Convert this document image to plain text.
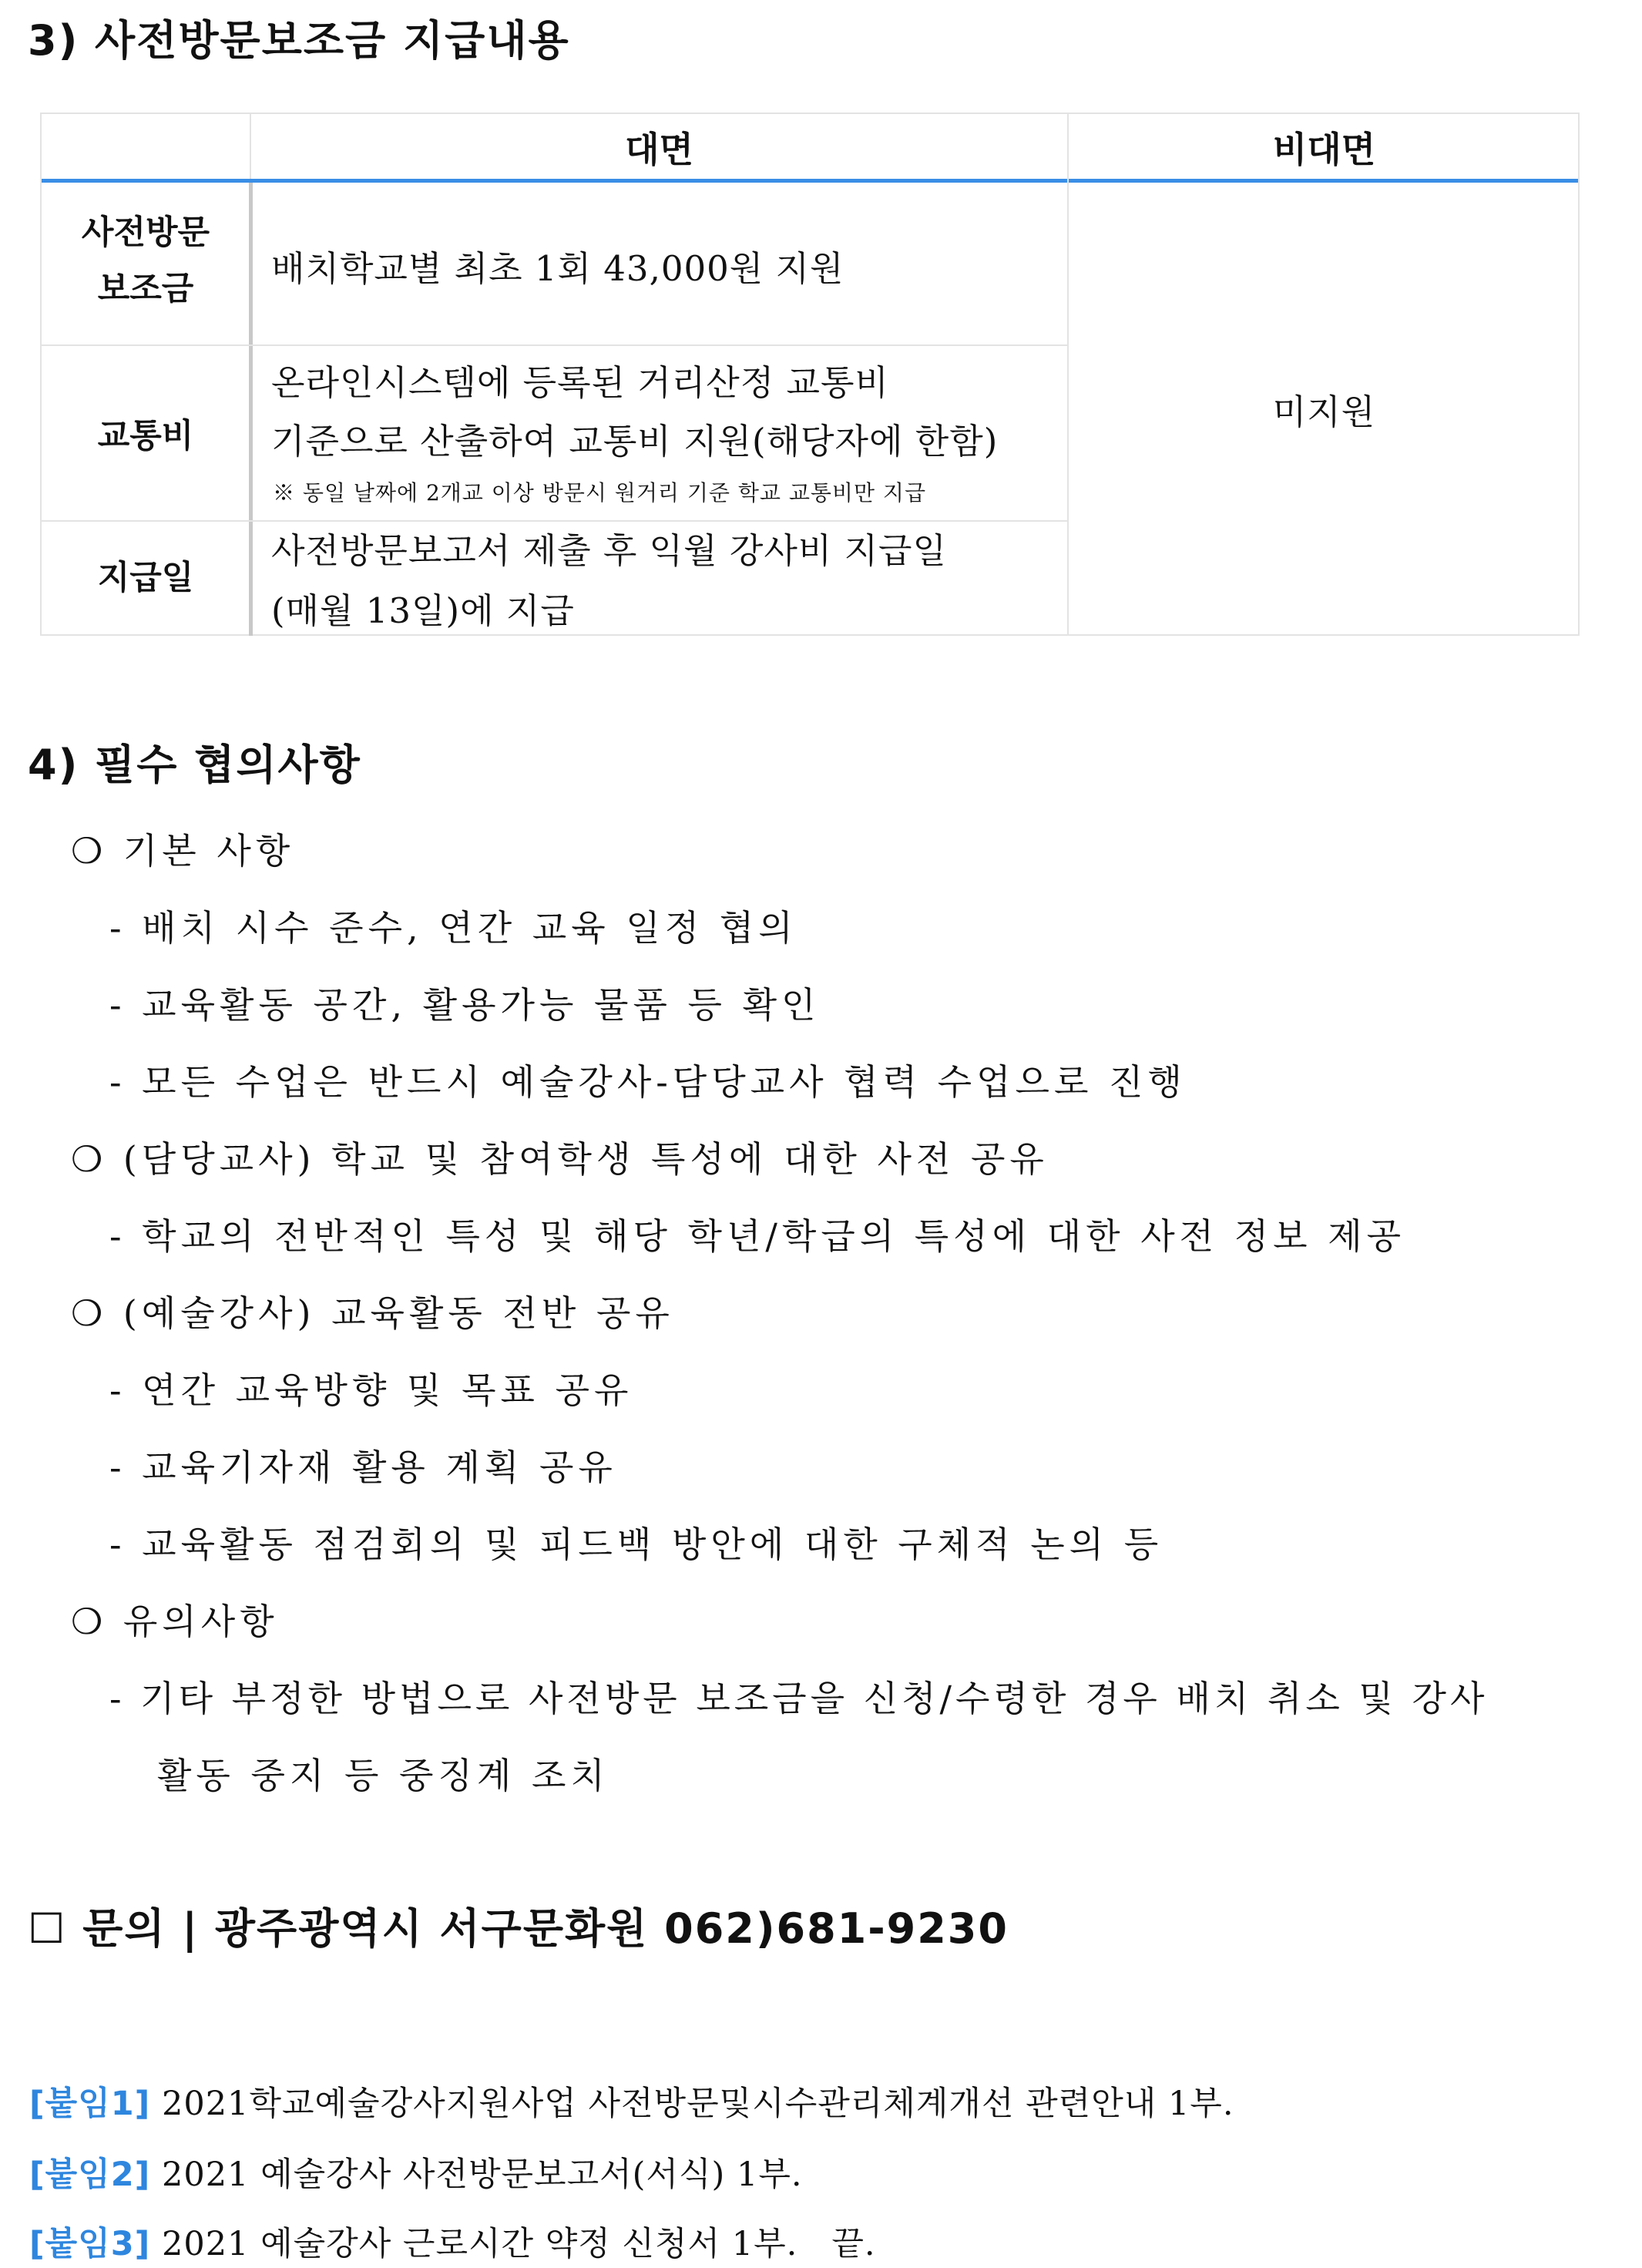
3) 사전방문보조금 지급내용
대면	비대면
사전방문
보조금	배치학교별 최초 1회 43,000원 지원
교통비
온라인시스템에 등록된 거리산정 교통비
기준으로 산출하여 교통비 지원(해당자에 한함)
※ 동일 날짜에 2개교 이상 방문시 원거리 기준 학교 교통비만 지급
지급일
사전방문보고서 제출 후 익월 강사비 지급일
(매월 13일)에 지급
미지원
4) 필수 협의사항
❍ 기본 사항
- 배치 시수 준수, 연간 교육 일정 협의
- 교육활동 공간, 활용가능 물품 등 확인
- 모든 수업은 반드시 예술강사-담당교사 협력 수업으로 진행
❍ (담당교사) 학교 및 참여학생 특성에 대한 사전 공유
- 학교의 전반적인 특성 및 해당 학년/학급의 특성에 대한 사전 정보 제공
❍ (예술강사) 교육활동 전반 공유
- 연간 교육방향 및 목표 공유
- 교육기자재 활용 계획 공유
- 교육활동 점검회의 및 피드백 방안에 대한 구체적 논의 등
❍ 유의사항
- 기타 부정한 방법으로 사전방문 보조금을 신청/수령한 경우 배치 취소 및 강사
활동 중지 등 중징계 조치
☐ 문의 | 광주광역시 서구문화원 062)681-9230
[붙임1] 2021학교예술강사지원사업 사전방문및시수관리체계개선 관련안내 1부.
[붙임2] 2021 예술강사 사전방문보고서(서식) 1부.
[붙임3] 2021 예술강사 근로시간 약정 신청서 1부.   끝.
